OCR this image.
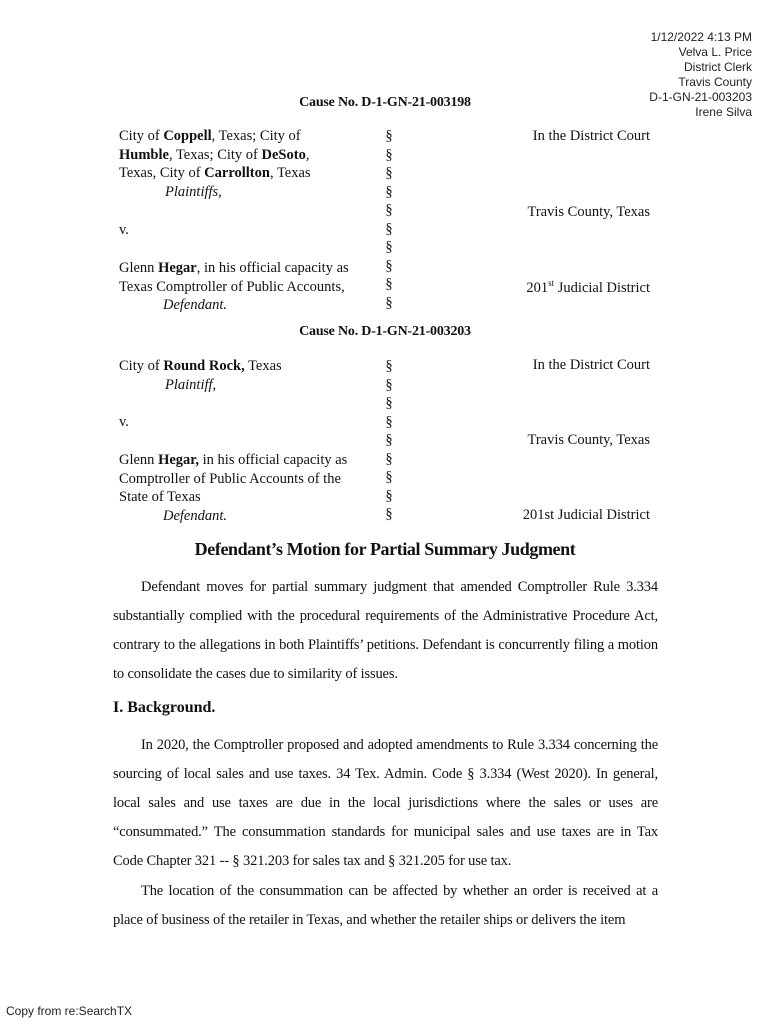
1/12/2022 4:13 PM
Velva L. Price
District Clerk
Travis County
D-1-GN-21-003203
Irene Silva
Cause No. D-1-GN-21-003198
City of Coppell, Texas; City of
Humble, Texas; City of DeSoto,
Texas, City of Carrollton, Texas
Plaintiffs,
v.
Glenn Hegar, in his official capacity as
Texas Comptroller of Public Accounts,
Defendant.
§
§
§
§
§
§
§
§
§
§
In the District Court
Travis County, Texas
201st Judicial District
Cause No. D-1-GN-21-003203
City of Round Rock, Texas
Plaintiff,
v.
Glenn Hegar, in his official capacity as
Comptroller of Public Accounts of the
State of Texas
Defendant.
§
§
§
§
§
§
§
§
§
In the District Court
Travis County, Texas
201st Judicial District
Defendant’s Motion for Partial Summary Judgment

Defendant moves for partial summary judgment that amended Comptroller Rule 3.334 substantially complied with the procedural requirements of the Administrative Procedure Act, contrary to the allegations in both Plaintiffs’ petitions. Defendant is concurrently filing a motion to consolidate the cases due to similarity of issues.

I. Background.

In 2020, the Comptroller proposed and adopted amendments to Rule 3.334 concerning the sourcing of local sales and use taxes. 34 Tex. Admin. Code § 3.334 (West 2020). In general, local sales and use taxes are due in the local jurisdictions where the sales or uses are “consummated.” The consummation standards for municipal sales and use taxes are in Tax Code Chapter 321 -- § 321.203 for sales tax and § 321.205 for use tax.

The location of the consummation can be affected by whether an order is received at a place of business of the retailer in Texas, and whether the retailer ships or delivers the item

Copy from re:SearchTX
